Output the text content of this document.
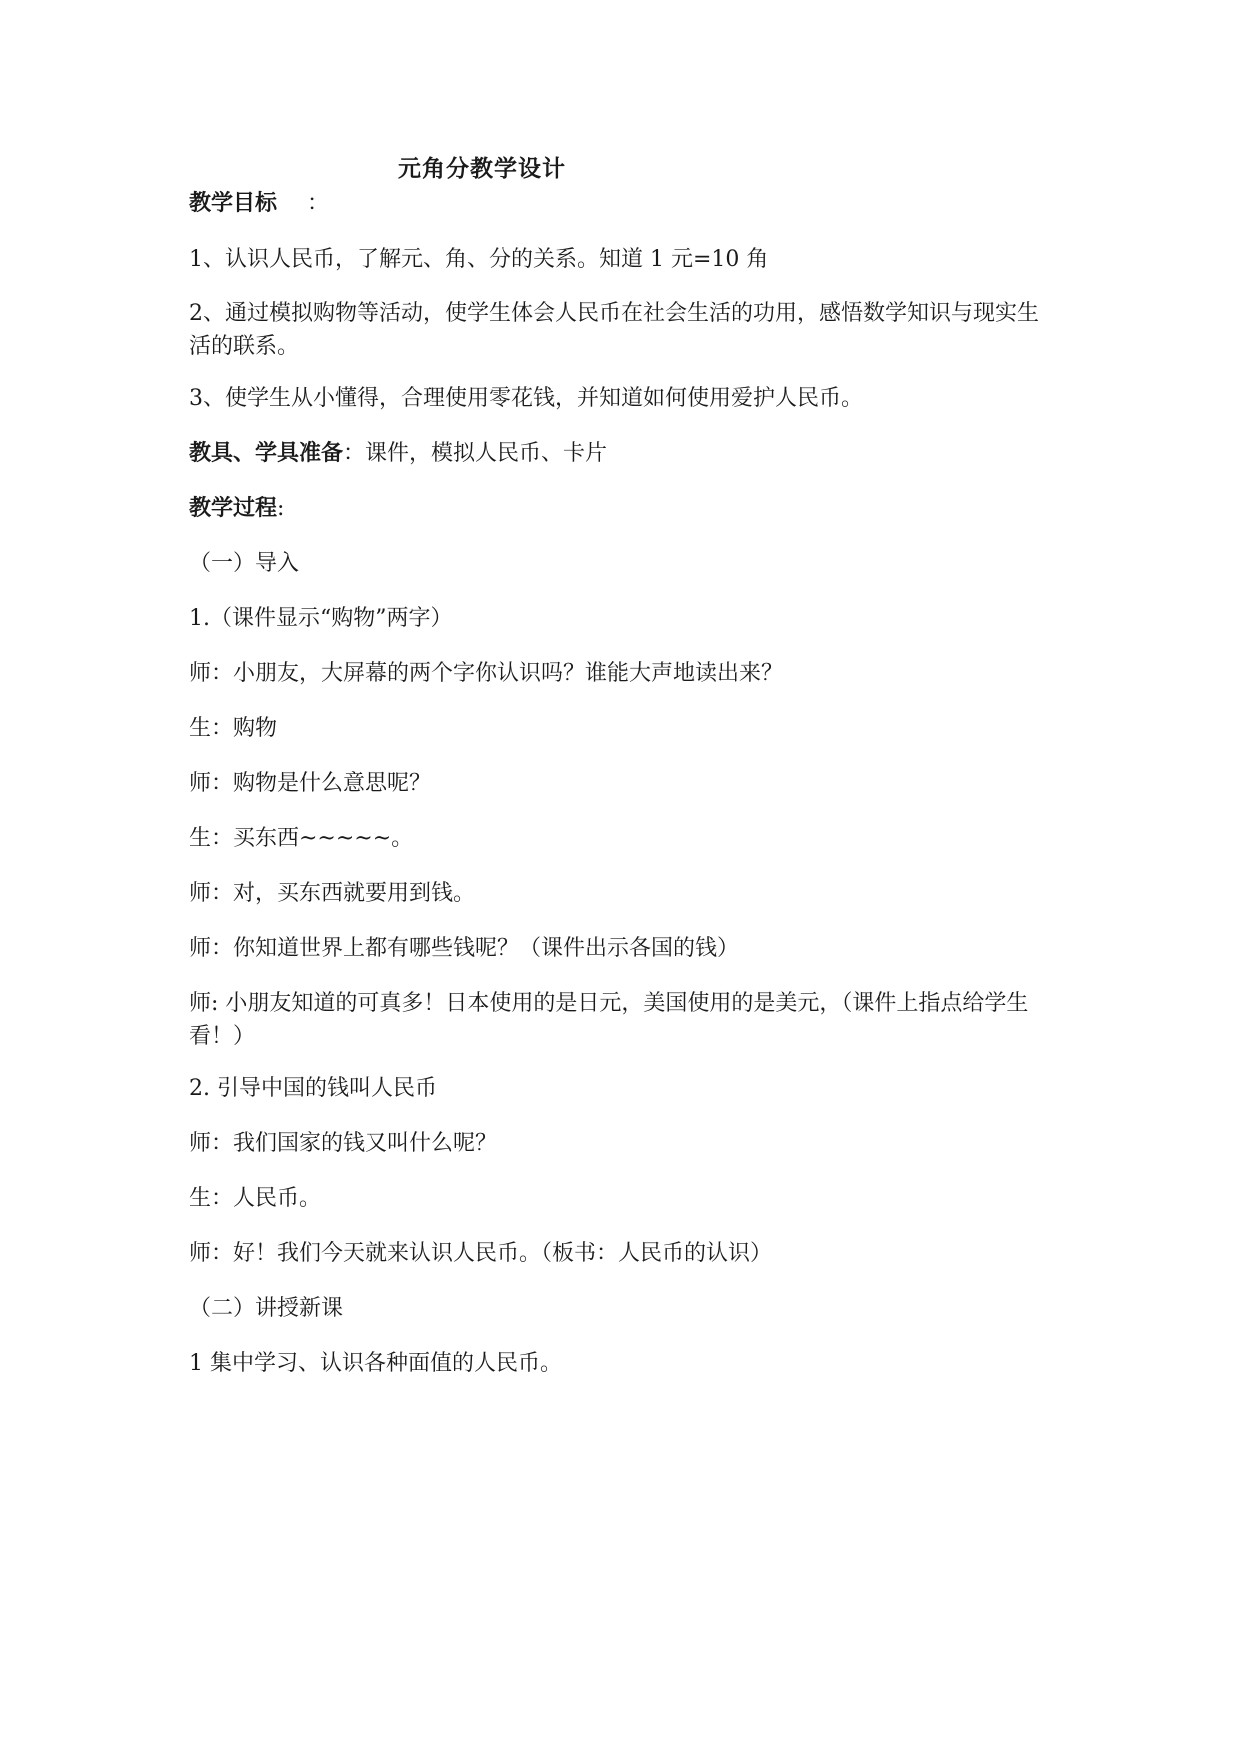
元角分教学设计
教学目标 ：
1、认识人民币，了解元、角、分的关系。知道 1 元=10 角
2、通过模拟购物等活动，使学生体会人民币在社会生活的功用，感悟数学知识与现实生活的联系。
3、使学生从小懂得，合理使用零花钱，并知道如何使用爱护人民币。
教具、学具准备：课件，模拟人民币、卡片
教学过程:
（一）导入
1.（课件显示“购物”两字）
师：小朋友，大屏幕的两个字你认识吗？谁能大声地读出来？
生：购物
师：购物是什么意思呢？
生：买东西~~~~~。
师：对，买东西就要用到钱。
师：你知道世界上都有哪些钱呢？（课件出示各国的钱）
师: 小朋友知道的可真多！日本使用的是日元，美国使用的是美元，（课件上指点给学生看！）
2. 引导中国的钱叫人民币
师：我们国家的钱又叫什么呢？
生：人民币。
师：好！我们今天就来认识人民币。（板书：人民币的认识）
（二）讲授新课
1 集中学习、认识各种面值的人民币。
